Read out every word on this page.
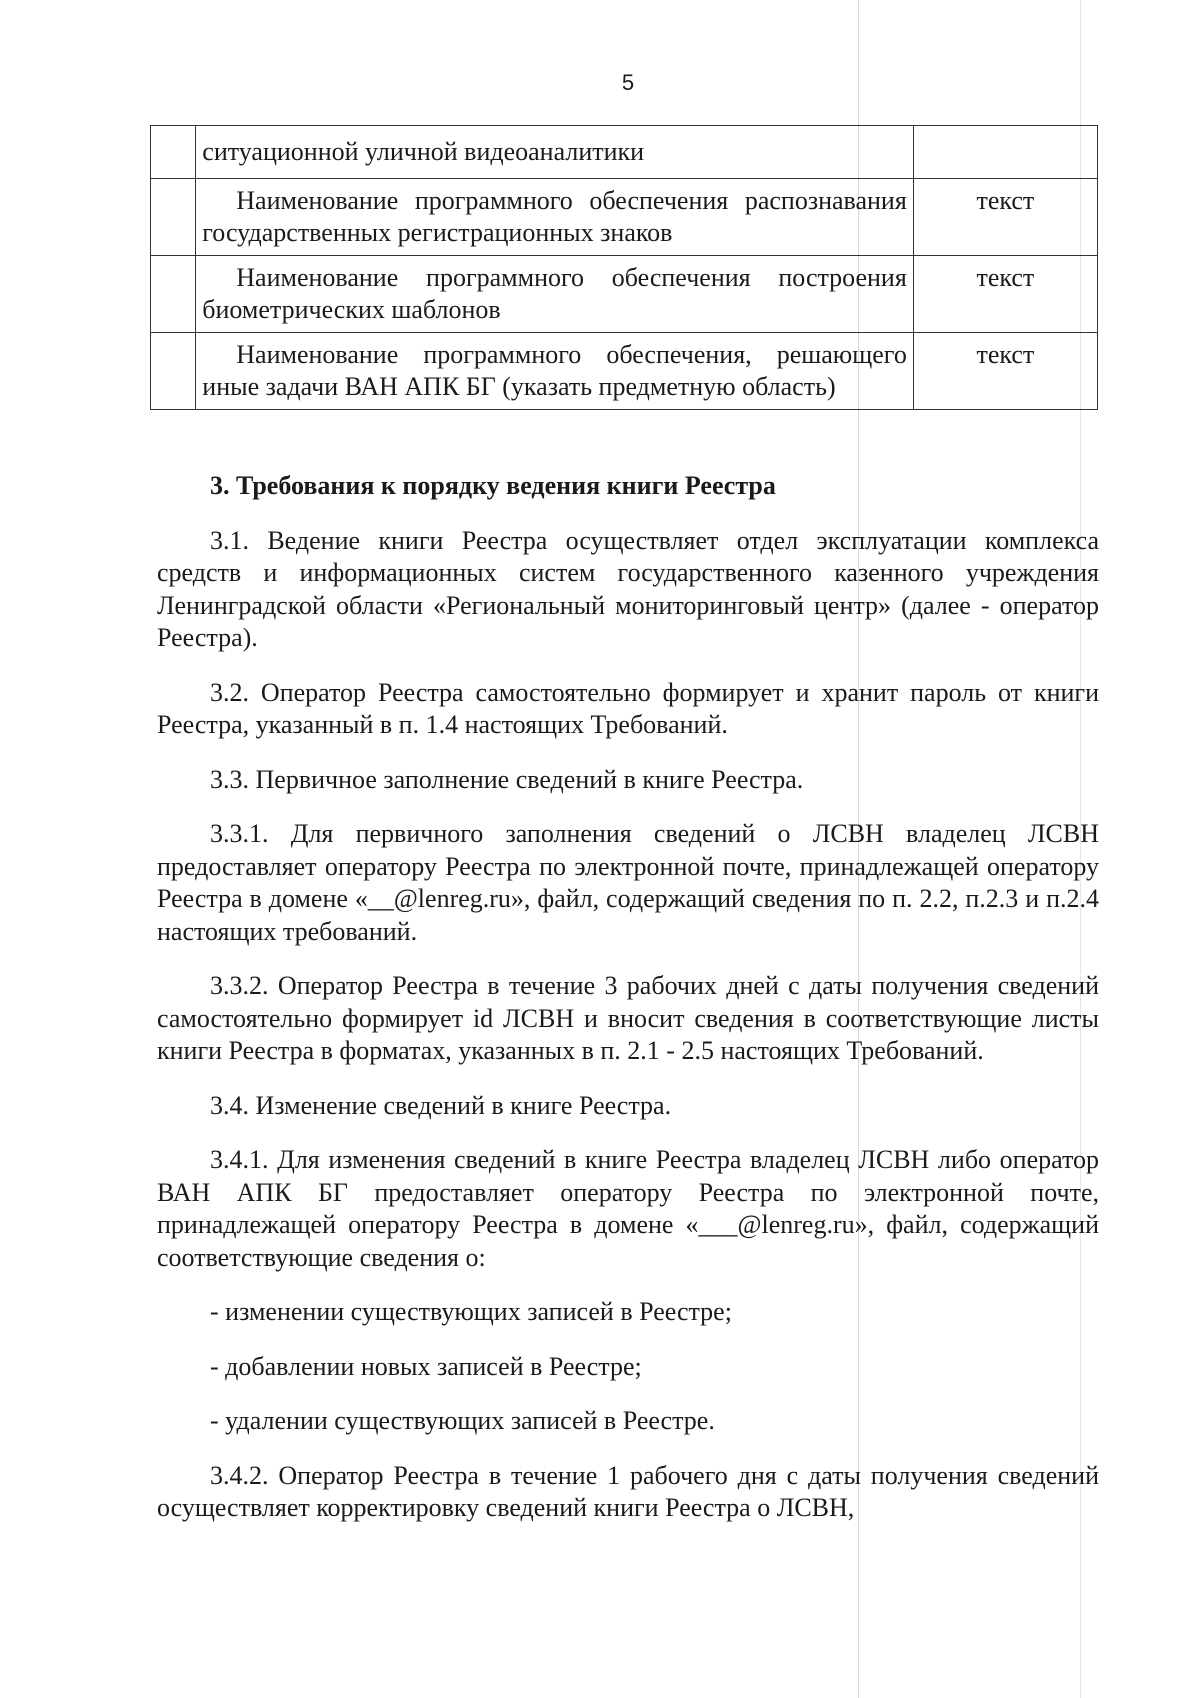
5
	ситуационной уличной видеоаналитики	
	Наименование программного обеспечения распознавания государственных регистрационных знаков	текст
	Наименование программного обеспечения построения биометрических шаблонов	текст
	Наименование программного обеспечения, решающего иные задачи ВАН АПК БГ (указать предметную область)	текст

3. Требования к порядку ведения книги Реестра

3.1. Ведение книги Реестра осуществляет отдел эксплуатации комплекса средств и информационных систем государственного казенного учреждения Ленинградской области «Региональный мониторинговый центр» (далее - оператор Реестра).

3.2. Оператор Реестра самостоятельно формирует и хранит пароль от книги Реестра, указанный в п. 1.4 настоящих Требований.

3.3. Первичное заполнение сведений в книге Реестра.

3.3.1. Для первичного заполнения сведений о ЛСВН владелец ЛСВН предоставляет оператору Реестра по электронной почте, принадлежащей оператору Реестра в домене «__@lenreg.ru», файл, содержащий сведения по п. 2.2, п.2.3 и п.2.4 настоящих требований.

3.3.2. Оператор Реестра в течение 3 рабочих дней с даты получения сведений самостоятельно формирует id ЛСВН и вносит сведения в соответствующие листы книги Реестра в форматах, указанных в п. 2.1 - 2.5 настоящих Требований.

3.4. Изменение сведений в книге Реестра.

3.4.1. Для изменения сведений в книге Реестра владелец ЛСВН либо оператор ВАН АПК БГ предоставляет оператору Реестра по электронной почте, принадлежащей оператору Реестра в домене «___@lenreg.ru», файл, содержащий соответствующие сведения о:

- изменении существующих записей в Реестре;

- добавлении новых записей в Реестре;

- удалении существующих записей в Реестре.

3.4.2. Оператор Реестра в течение 1 рабочего дня с даты получения сведений осуществляет корректировку сведений книги Реестра о ЛСВН,
